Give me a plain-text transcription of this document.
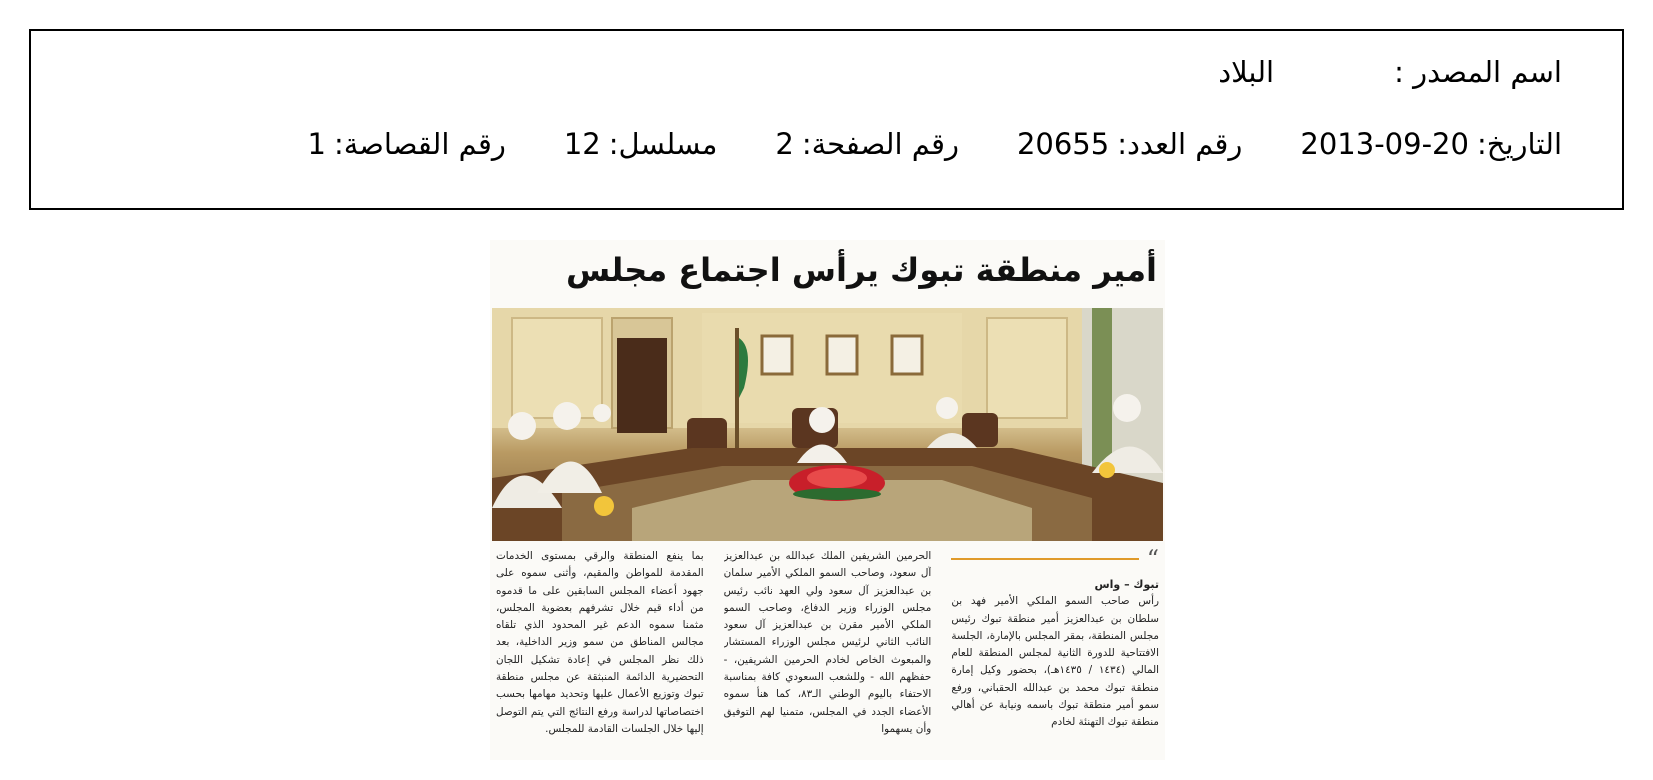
اسم المصدر :
البلاد
التاريخ:
2013-09-20
رقم العدد:
20655
رقم الصفحة:
2
مسلسل:
12
رقم القصاصة:
1
أمير منطقة تبوك يرأس اجتماع مجلس
“
تبوك – واس
رأس صاحب السمو الملكي الأمير فهد بن سلطان بن عبدالعزيز أمير منطقة تبوك رئيس مجلس المنطقة، بمقر المجلس بالإمارة، الجلسة الافتتاحية للدورة الثانية لمجلس المنطقة للعام المالي (١٤٣٤ / ١٤٣٥هـ)، بحضور وكيل إمارة منطقة تبوك محمد بن عبدالله الحقباني، ورفع سمو أمير منطقة تبوك باسمه ونيابة عن أهالي منطقة تبوك التهنئة لخادم
الحرمين الشريفين الملك عبدالله بن عبدالعزيز آل سعود، وصاحب السمو الملكي الأمير سلمان بن عبدالعزيز آل سعود ولي العهد نائب رئيس مجلس الوزراء وزير الدفاع، وصاحب السمو الملكي الأمير مقرن بن عبدالعزيز آل سعود النائب الثاني لرئيس مجلس الوزراء المستشار والمبعوث الخاص لخادم الحرمين الشريفين، - حفظهم الله - وللشعب السعودي كافة بمناسبة الاحتفاء باليوم الوطني الـ٨٣، كما هنأ سموه الأعضاء الجدد في المجلس، متمنيا لهم التوفيق وأن يسهموا
بما ينفع المنطقة والرقي بمستوى الخدمات المقدمة للمواطن والمقيم، وأثنى سموه على جهود أعضاء المجلس السابقين على ما قدموه من أداء قيم خلال تشرفهم بعضوية المجلس، مثمنا سموه الدعم غير المحدود الذي تلقاه مجالس المناطق من سمو وزير الداخلية، بعد ذلك نظر المجلس في إعادة تشكيل اللجان التحضيرية الدائمة المنبثقة عن مجلس منطقة تبوك وتوزيع الأعمال عليها وتحديد مهامها بحسب اختصاصاتها لدراسة ورفع النتائج التي يتم التوصل إليها خلال الجلسات القادمة للمجلس.
